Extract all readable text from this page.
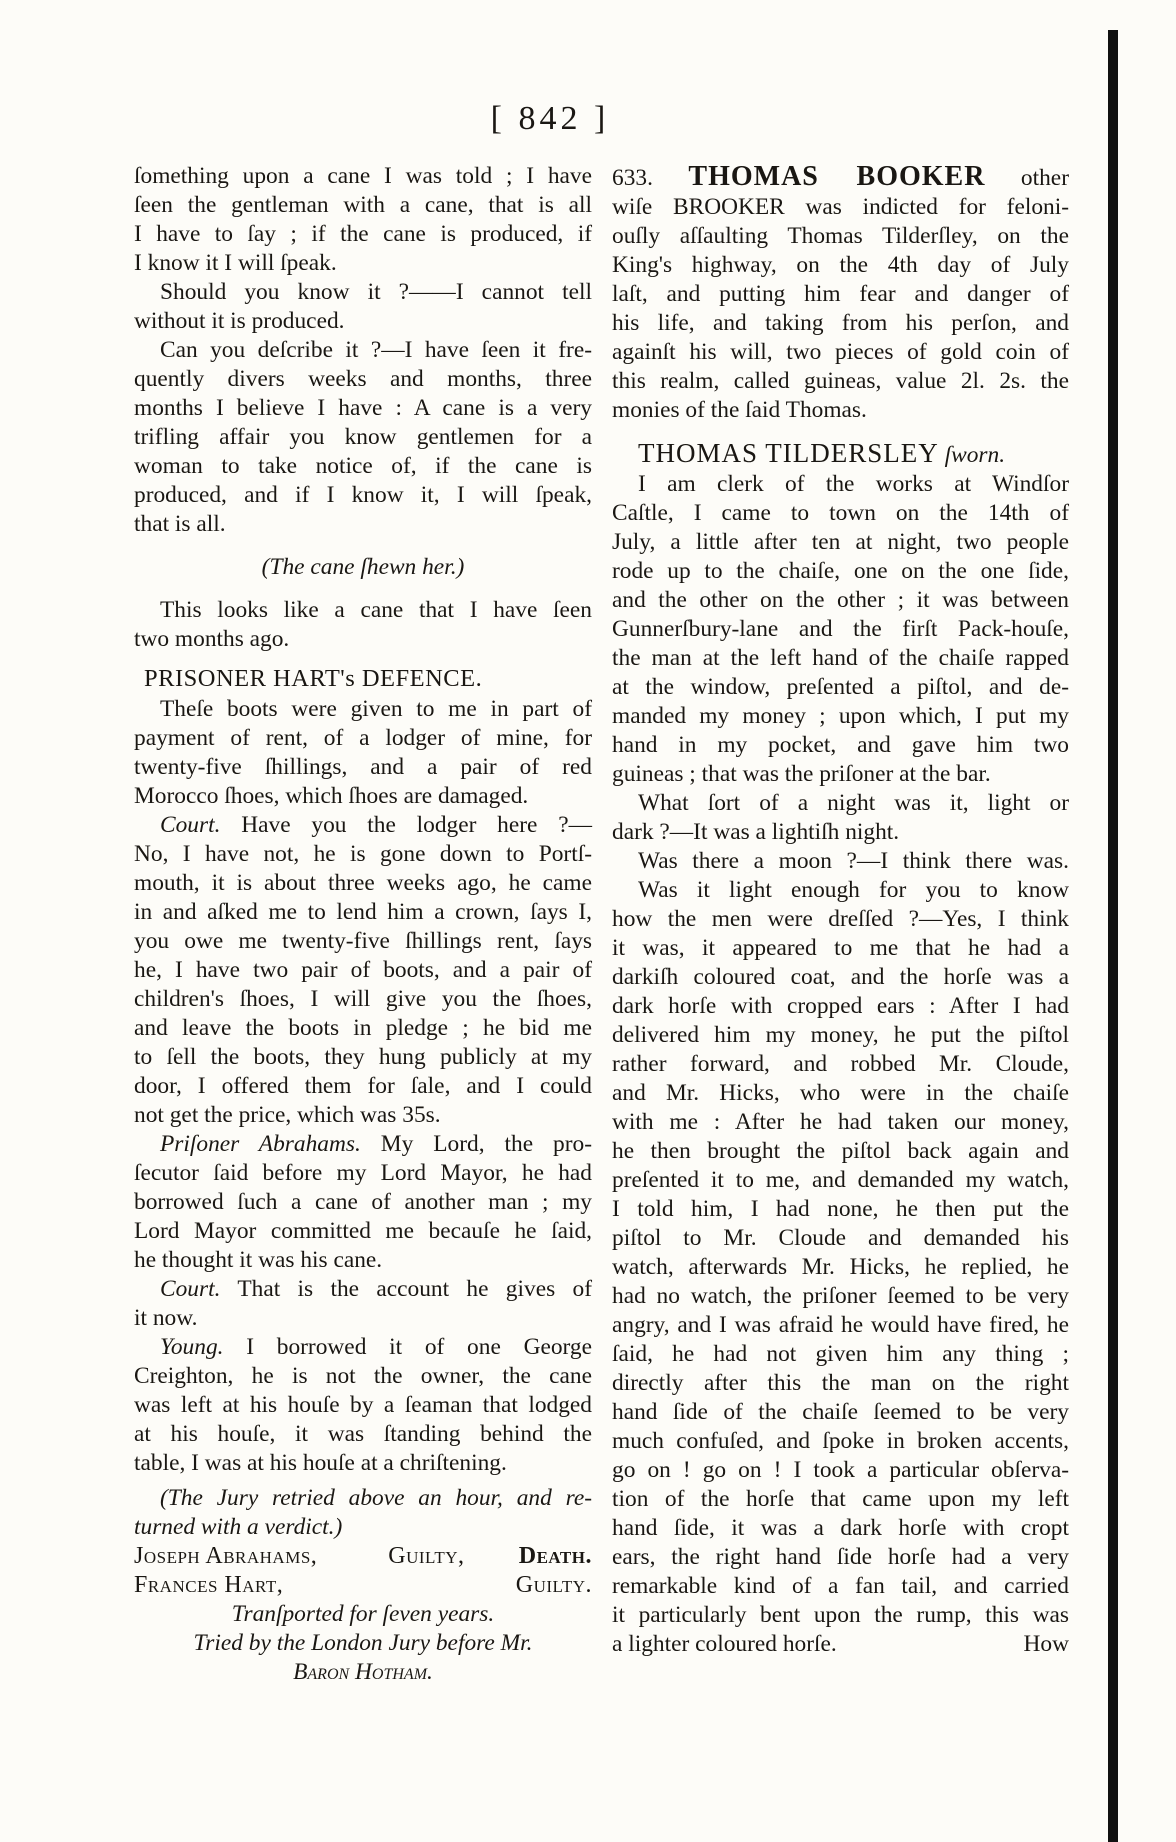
[ 842 ]

ſomething upon a cane I was told ; I have

ſeen the gentleman with a cane, that is all

I have to ſay ; if the cane is produced, if

I know it I will ſpeak.

Should you know it ?——I cannot tell

without it is produced.

Can you deſcribe it ?—I have ſeen it fre-

quently divers weeks and months, three

months I believe I have : A cane is a very

trifling affair you know gentlemen for a

woman to take notice of, if the cane is

produced, and if I know it, I will ſpeak,

that is all.

(The cane ſhewn her.)

This looks like a cane that I have ſeen

two months ago.

PRISONER HART's DEFENCE.

Theſe boots were given to me in part of

payment of rent, of a lodger of mine, for

twenty-five ſhillings, and a pair of red

Morocco ſhoes, which ſhoes are damaged.

Court. Have you the lodger here ?—

No, I have not, he is gone down to Portſ-

mouth, it is about three weeks ago, he came

in and aſked me to lend him a crown, ſays I,

you owe me twenty-five ſhillings rent, ſays

he, I have two pair of boots, and a pair of

children's ſhoes, I will give you the ſhoes,

and leave the boots in pledge ; he bid me

to ſell the boots, they hung publicly at my

door, I offered them for ſale, and I could

not get the price, which was 35s.

Priſoner Abrahams. My Lord, the pro-

ſecutor ſaid before my Lord Mayor, he had

borrowed ſuch a cane of another man ; my

Lord Mayor committed me becauſe he ſaid,

he thought it was his cane.

Court. That is the account he gives of

it now.

Young. I borrowed it of one George

Creighton, he is not the owner, the cane

was left at his houſe by a ſeaman that lodged

at his houſe, it was ſtanding behind the

table, I was at his houſe at a chriſtening.

(The Jury retried above an hour, and re-

turned with a verdict.)

Joseph Abrahams,	Guilty, Death.
Frances Hart,	Guilty.

Tranſported for ſeven years.

Tried by the London Jury before Mr.

Baron Hotham.

633. THOMAS BOOKER other

wiſe BROOKER was indicted for feloni-

ouſly aſſaulting Thomas Tilderſley, on the

King's highway, on the 4th day of July

laſt, and putting him fear and danger of

his life, and taking from his perſon, and

againſt his will, two pieces of gold coin of

this realm, called guineas, value 2l. 2s. the

monies of the ſaid Thomas.

THOMAS TILDERSLEY ſworn.

I am clerk of the works at Windſor

Caſtle, I came to town on the 14th of

July, a little after ten at night, two people

rode up to the chaiſe, one on the one ſide,

and the other on the other ; it was between

Gunnerſbury-lane and the firſt Pack-houſe,

the man at the left hand of the chaiſe rapped

at the window, preſented a piſtol, and de-

manded my money ; upon which, I put my

hand in my pocket, and gave him two

guineas ; that was the priſoner at the bar.

What ſort of a night was it, light or

dark ?—It was a lightiſh night.

Was there a moon ?—I think there was.

Was it light enough for you to know

how the men were dreſſed ?—Yes, I think

it was, it appeared to me that he had a

darkiſh coloured coat, and the horſe was a

dark horſe with cropped ears : After I had

delivered him my money, he put the piſtol

rather forward, and robbed Mr. Cloude,

and Mr. Hicks, who were in the chaiſe

with me : After he had taken our money,

he then brought the piſtol back again and

preſented it to me, and demanded my watch,

I told him, I had none, he then put the

piſtol to Mr. Cloude and demanded his

watch, afterwards Mr. Hicks, he replied, he

had no watch, the priſoner ſeemed to be very

angry, and I was afraid he would have fired, he

ſaid, he had not given him any thing ;

directly after this the man on the right

hand ſide of the chaiſe ſeemed to be very

much confuſed, and ſpoke in broken accents,

go on ! go on ! I took a particular obſerva-

tion of the horſe that came upon my left

hand ſide, it was a dark horſe with cropt

ears, the right hand ſide horſe had a very

remarkable kind of a fan tail, and carried

it particularly bent upon the rump, this was

a lighter coloured horſe.	How
